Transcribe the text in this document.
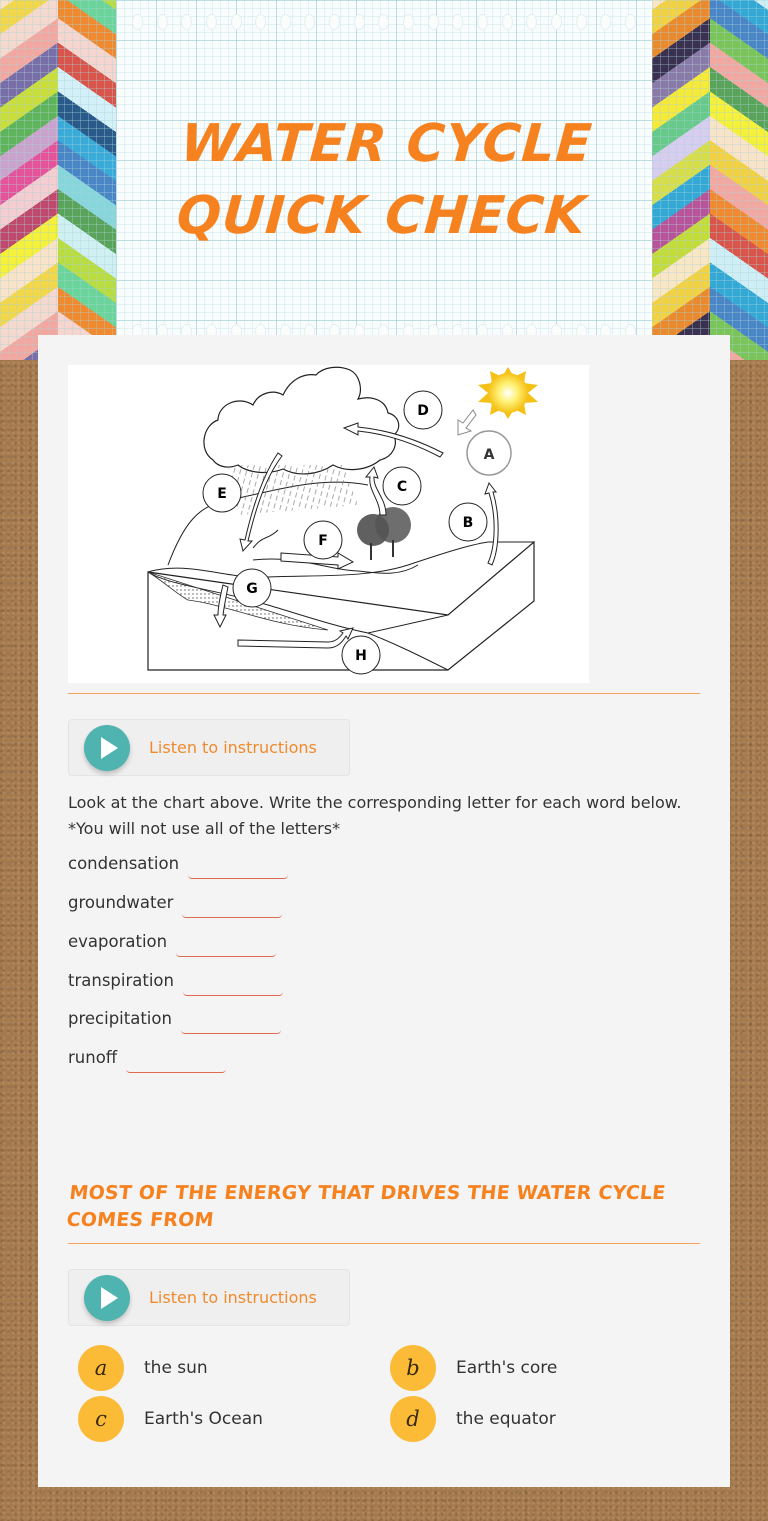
WATER CYCLE QUICK CHECK
A
B
C
D
E
F
G
H
Listen to instructions
Look at the chart above. Write the corresponding letter for each word below.
*You will not use all of the letters*
condensation
groundwater
evaporation
transpiration
precipitation
runoff
MOST OF THE ENERGY THAT DRIVES THE WATER CYCLE COMES FROM
Listen to instructions
a	the sun	b	Earth's core
c	Earth's Ocean	d	the equator
